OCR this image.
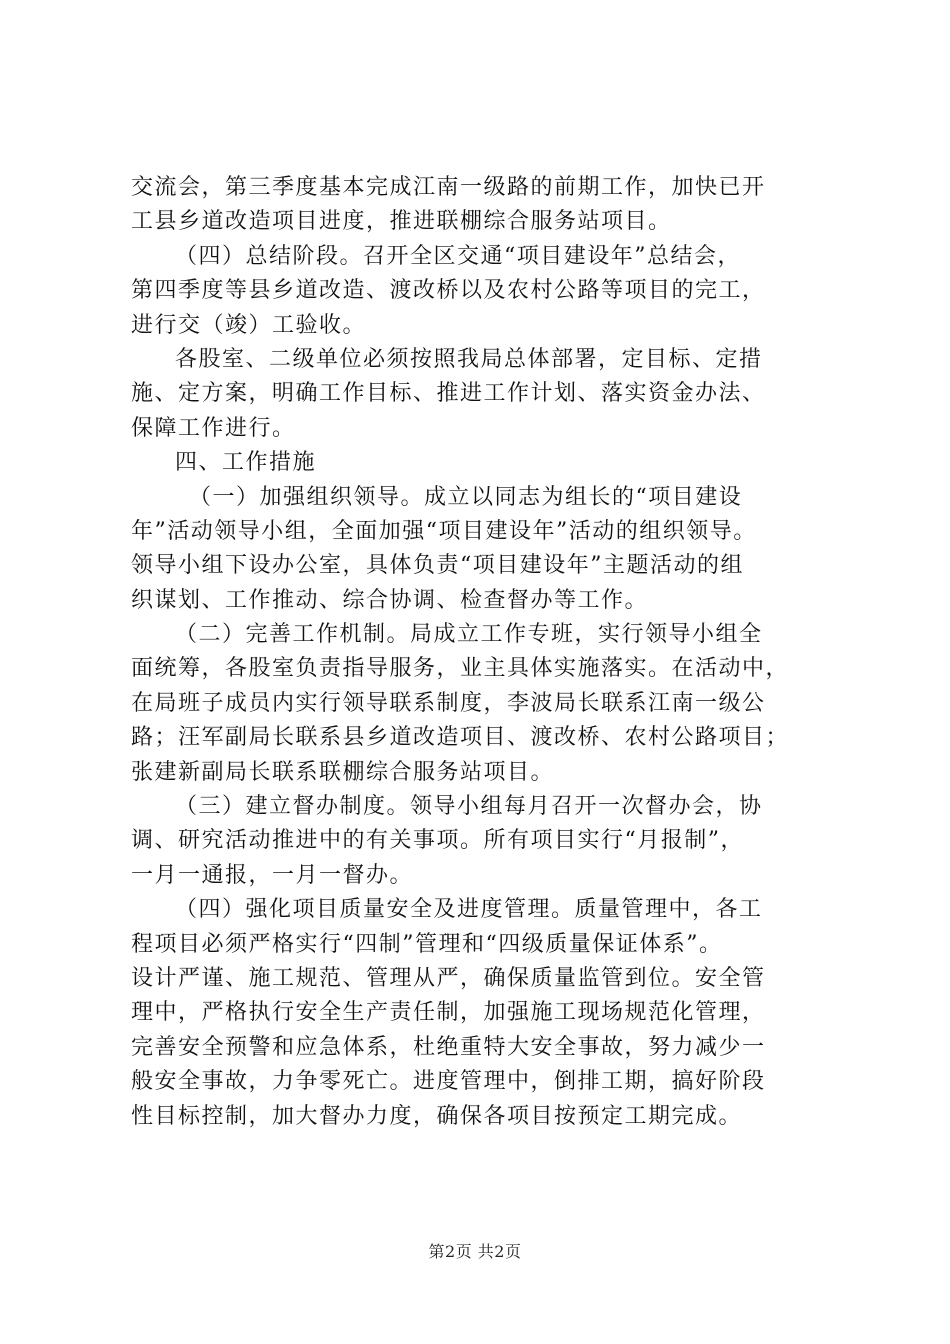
交流会，第三季度基本完成江南一级路的前期工作，加快已开
工县乡道改造项目进度，推进联棚综合服务站项目。
（四）总结阶段。召开全区交通“项目建设年”总结会，
第四季度等县乡道改造、渡改桥以及农村公路等项目的完工，
进行交（竣）工验收。
各股室、二级单位必须按照我局总体部署，定目标、定措
施、定方案，明确工作目标、推进工作计划、落实资金办法、
保障工作进行。
四、工作措施
（一）加强组织领导。成立以同志为组长的“项目建设
年”活动领导小组，全面加强“项目建设年”活动的组织领导。
领导小组下设办公室，具体负责“项目建设年”主题活动的组
织谋划、工作推动、综合协调、检查督办等工作。
（二）完善工作机制。局成立工作专班，实行领导小组全
面统筹，各股室负责指导服务，业主具体实施落实。在活动中，
在局班子成员内实行领导联系制度，李波局长联系江南一级公
路；汪军副局长联系县乡道改造项目、渡改桥、农村公路项目；
张建新副局长联系联棚综合服务站项目。
（三）建立督办制度。领导小组每月召开一次督办会，协
调、研究活动推进中的有关事项。所有项目实行“月报制”，
一月一通报，一月一督办。
（四）强化项目质量安全及进度管理。质量管理中，各工
程项目必须严格实行“四制”管理和“四级质量保证体系”。
设计严谨、施工规范、管理从严，确保质量监管到位。安全管
理中，严格执行安全生产责任制，加强施工现场规范化管理，
完善安全预警和应急体系，杜绝重特大安全事故，努力减少一
般安全事故，力争零死亡。进度管理中，倒排工期，搞好阶段
性目标控制，加大督办力度，确保各项目按预定工期完成。
第2页 共2页
